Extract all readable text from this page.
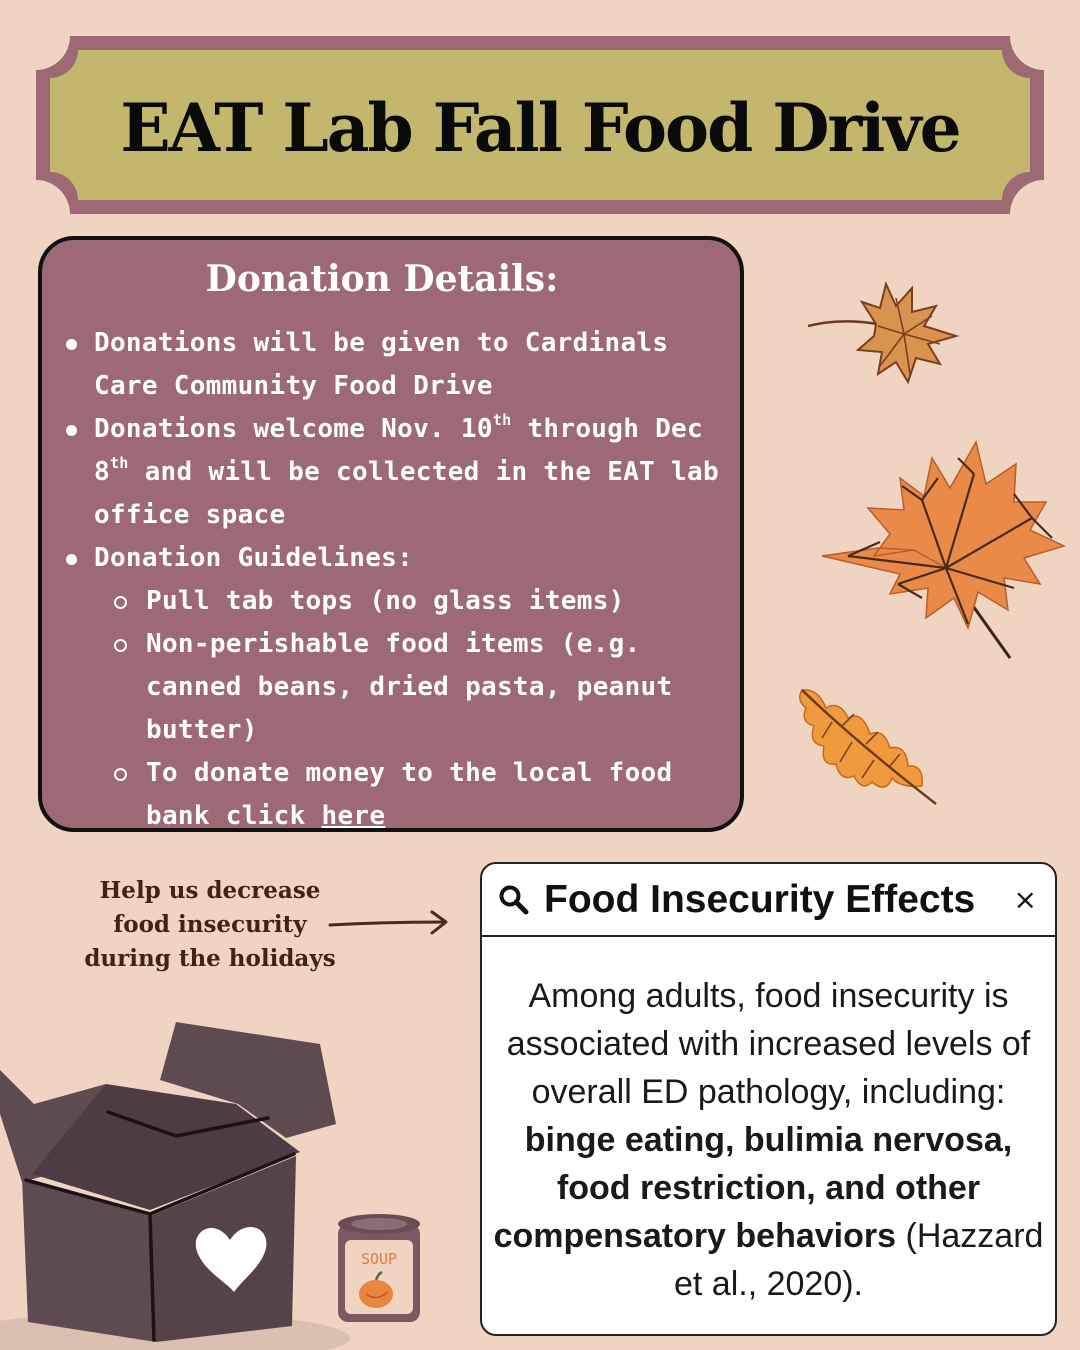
EAT Lab Fall Food Drive
Donation Details:
Donations will be given to Cardinals Care Community Food Drive
Donations welcome Nov. 10th through Dec 8th and will be collected in the EAT lab office space
Donation Guidelines:
Pull tab tops (no glass items)
Non-perishable food items (e.g. canned beans, dried pasta, peanut butter)
To donate money to the local food bank click here
Help us decrease
food insecurity
during the holidays
SOUP
Food Insecurity Effects ×
Among adults, food insecurity is associated with increased levels of overall ED pathology, including: binge eating, bulimia nervosa, food restriction, and other compensatory behaviors (Hazzard et al., 2020).
